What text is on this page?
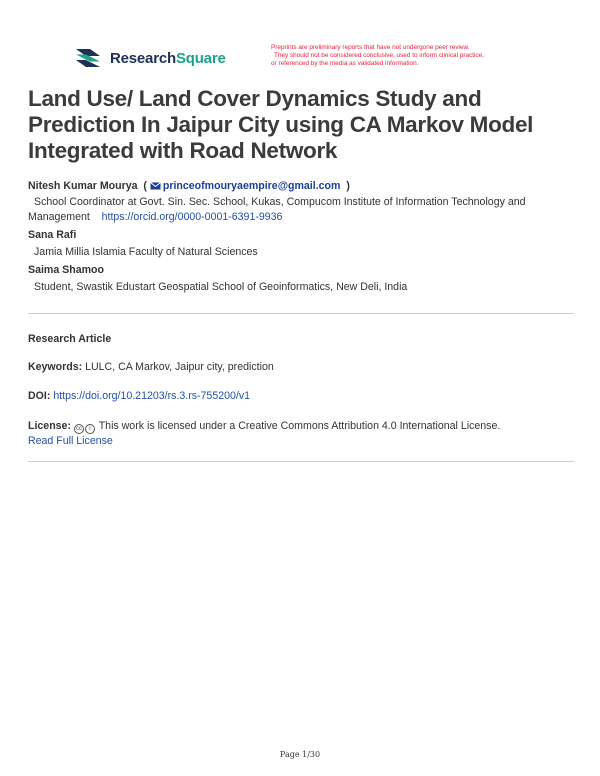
ResearchSquare
Preprints are preliminary reports that have not undergone peer review.
They should not be considered conclusive, used to inform clinical practice,
or referenced by the media as validated information.
Land Use/ Land Cover Dynamics Study and
Prediction In Jaipur City using CA Markov Model
Integrated with Road Network
Nitesh Kumar Mourya  ( princeofmouryaempire@gmail.com  )
School Coordinator at Govt. Sin. Sec. School, Kukas, Compucom Institute of Information Technology and
Management https://orcid.org/0000-0001-6391-9936
Sana Rafi
Jamia Millia Islamia Faculty of Natural Sciences
Saima Shamoo
Student, Swastik Edustart Geospatial School of Geoinformatics, New Deli, India
Research Article
Keywords: LULC, CA Markov, Jaipur city, prediction
DOI: https://doi.org/10.21203/rs.3.rs-755200/v1
License: cc i This work is licensed under a Creative Commons Attribution 4.0 International License.
Read Full License
Page 1/30
